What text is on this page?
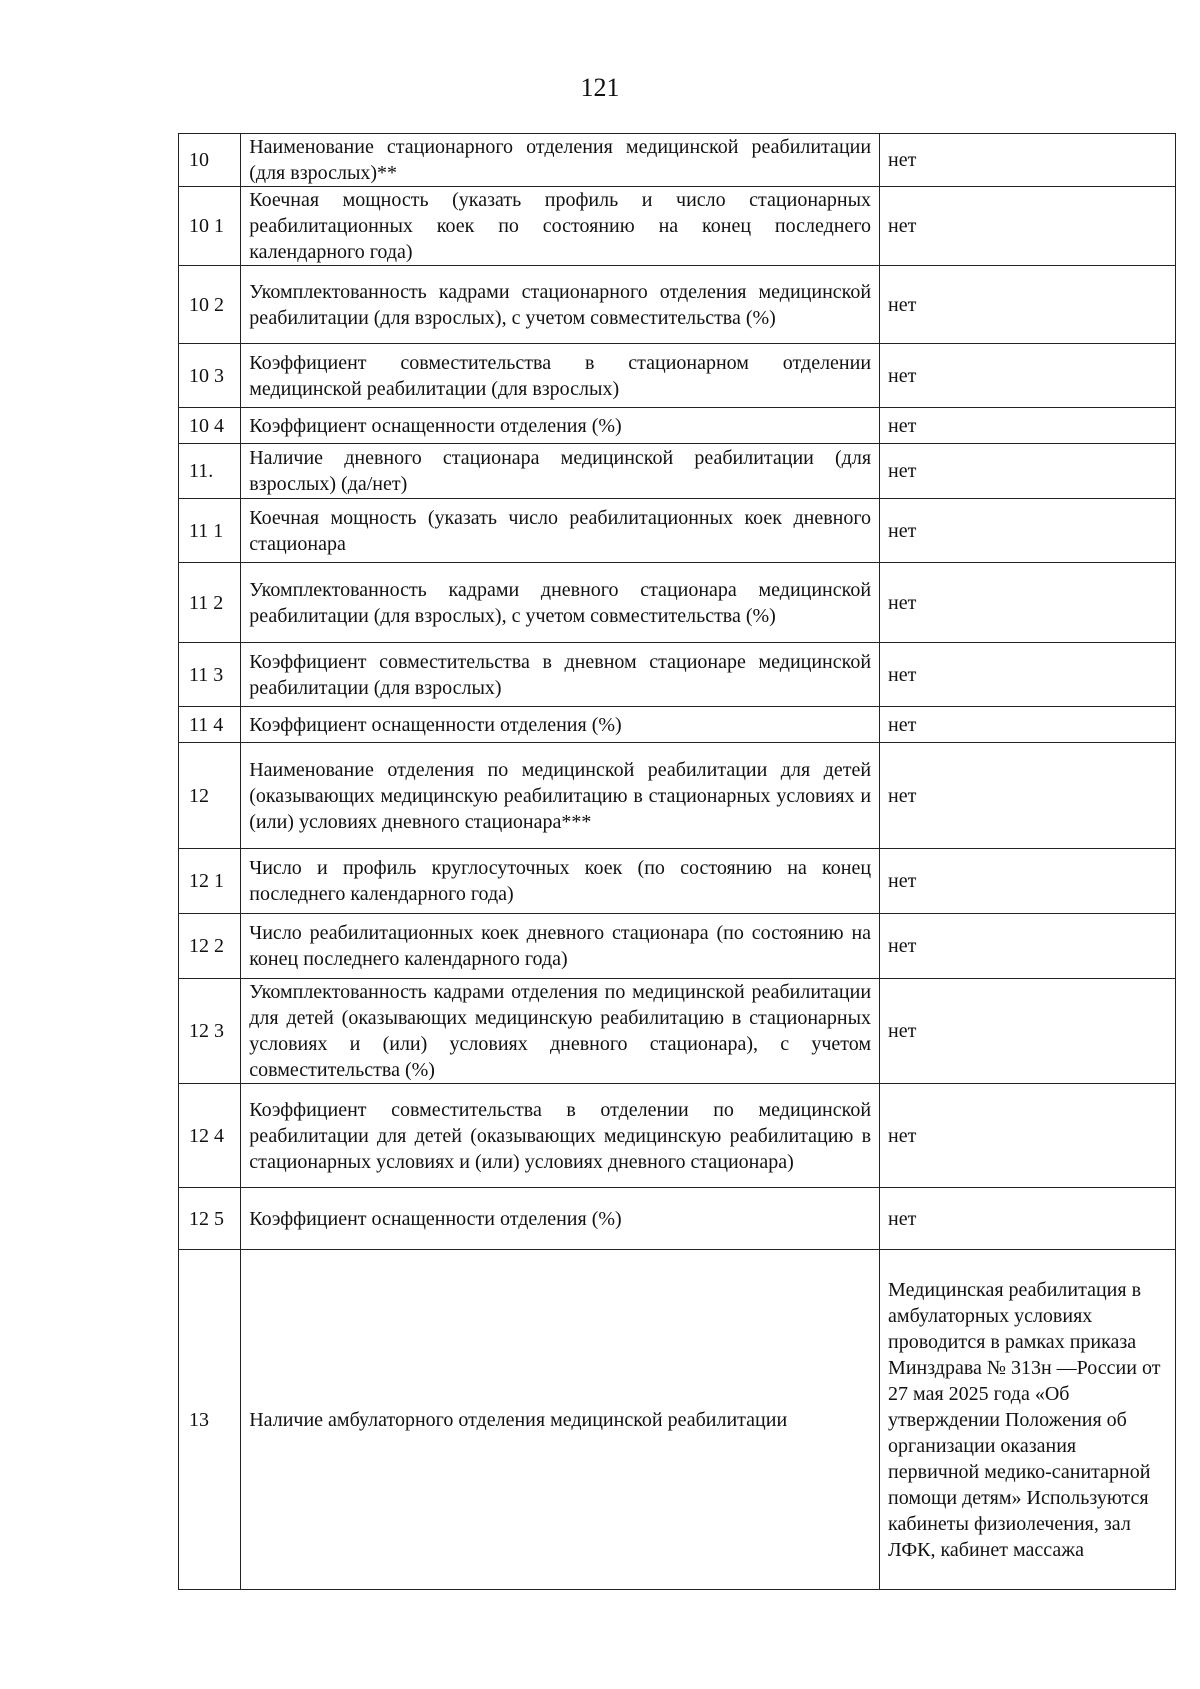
121
10	Наименование стационарного отделения медицинской реабилитации (для взрослых)**	нет
10 1	Коечная мощность (указать профиль и число стационарных реабилитационных коек по состоянию на конец последнего календарного года)	нет
10 2	Укомплектованность кадрами стационарного отделения медицинской реабилитации (для взрослых), с учетом совместительства (%)	нет
10 3	Коэффициент совместительства в стационарном отделении медицинской реабилитации (для взрослых)	нет
10 4	Коэффициент оснащенности отделения (%)	нет
11.	Наличие дневного стационара медицинской реабилитации (для взрослых) (да/нет)	нет
11 1	Коечная мощность (указать число реабилитационных коек дневного стационара	нет
11 2	Укомплектованность кадрами дневного стационара медицинской реабилитации (для взрослых), с учетом совместительства (%)	нет
11 3	Коэффициент совместительства в дневном стационаре медицинской реабилитации (для взрослых)	нет
11 4	Коэффициент оснащенности отделения (%)	нет
12	Наименование отделения по медицинской реабилитации для детей (оказывающих медицинскую реабилитацию в стационарных условиях и (или) условиях дневного стационара***	нет
12 1	Число и профиль круглосуточных коек (по состоянию на конец последнего календарного года)	нет
12 2	Число реабилитационных коек дневного стационара (по состоянию на конец последнего календарного года)	нет
12 3	Укомплектованность кадрами отделения по медицинской реабилитации для детей (оказывающих медицинскую реабилитацию в стационарных условиях и (или) условиях дневного стационара), с учетом совместительства (%)	нет
12 4	Коэффициент совместительства в отделении по медицинской реабилитации для детей (оказывающих медицинскую реабилитацию в стационарных условиях и (или) условиях дневного стационара)	нет
12 5	Коэффициент оснащенности отделения (%)	нет
13	Наличие амбулаторного отделения медицинской реабилитации	Медицинская реабилитация в амбулаторных условиях проводится в рамках приказа Минздрава № 313н —России от 27 мая 2025 года «Об утверждении Положения об организации оказания первичной медико-санитарной помощи детям» Используются кабинеты физиолечения, зал ЛФК, кабинет массажа
